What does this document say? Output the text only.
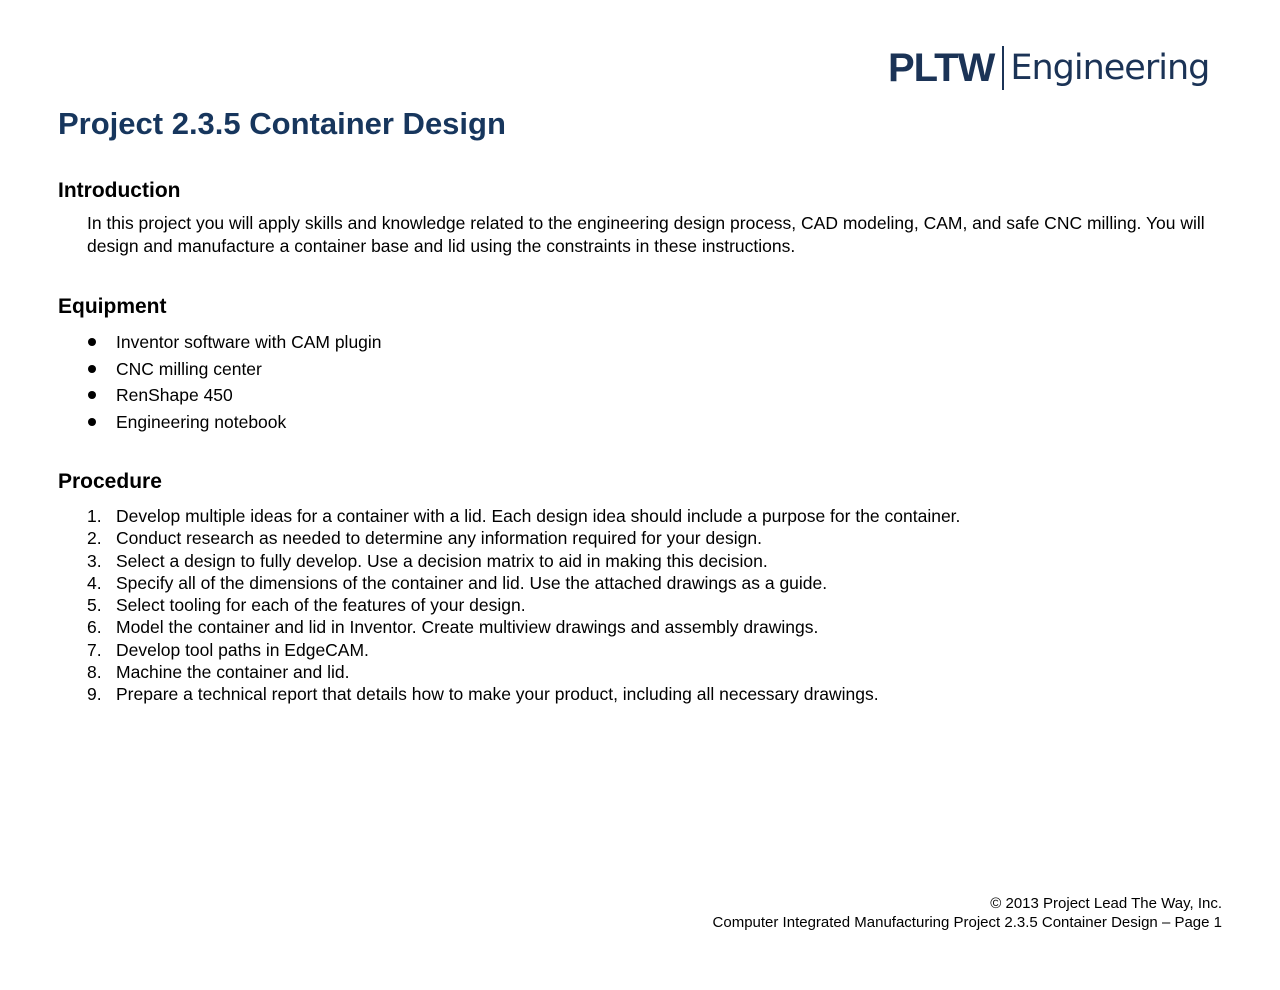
PLTW Engineering
Project 2.3.5 Container Design
Introduction

In this project you will apply skills and knowledge related to the engineering design process, CAD modeling, CAM, and safe CNC milling. You will design and manufacture a container base and lid using the constraints in these instructions.

Equipment
Inventor software with CAM plugin
CNC milling center
RenShape 450
Engineering notebook
Procedure
1. Develop multiple ideas for a container with a lid. Each design idea should include a purpose for the container.
2. Conduct research as needed to determine any information required for your design.
3. Select a design to fully develop. Use a decision matrix to aid in making this decision.
4. Specify all of the dimensions of the container and lid. Use the attached drawings as a guide.
5. Select tooling for each of the features of your design.
6. Model the container and lid in Inventor. Create multiview drawings and assembly drawings.
7. Develop tool paths in EdgeCAM.
8. Machine the container and lid.
9. Prepare a technical report that details how to make your product, including all necessary drawings.
© 2013 Project Lead The Way, Inc.
Computer Integrated Manufacturing Project 2.3.5 Container Design – Page 1
